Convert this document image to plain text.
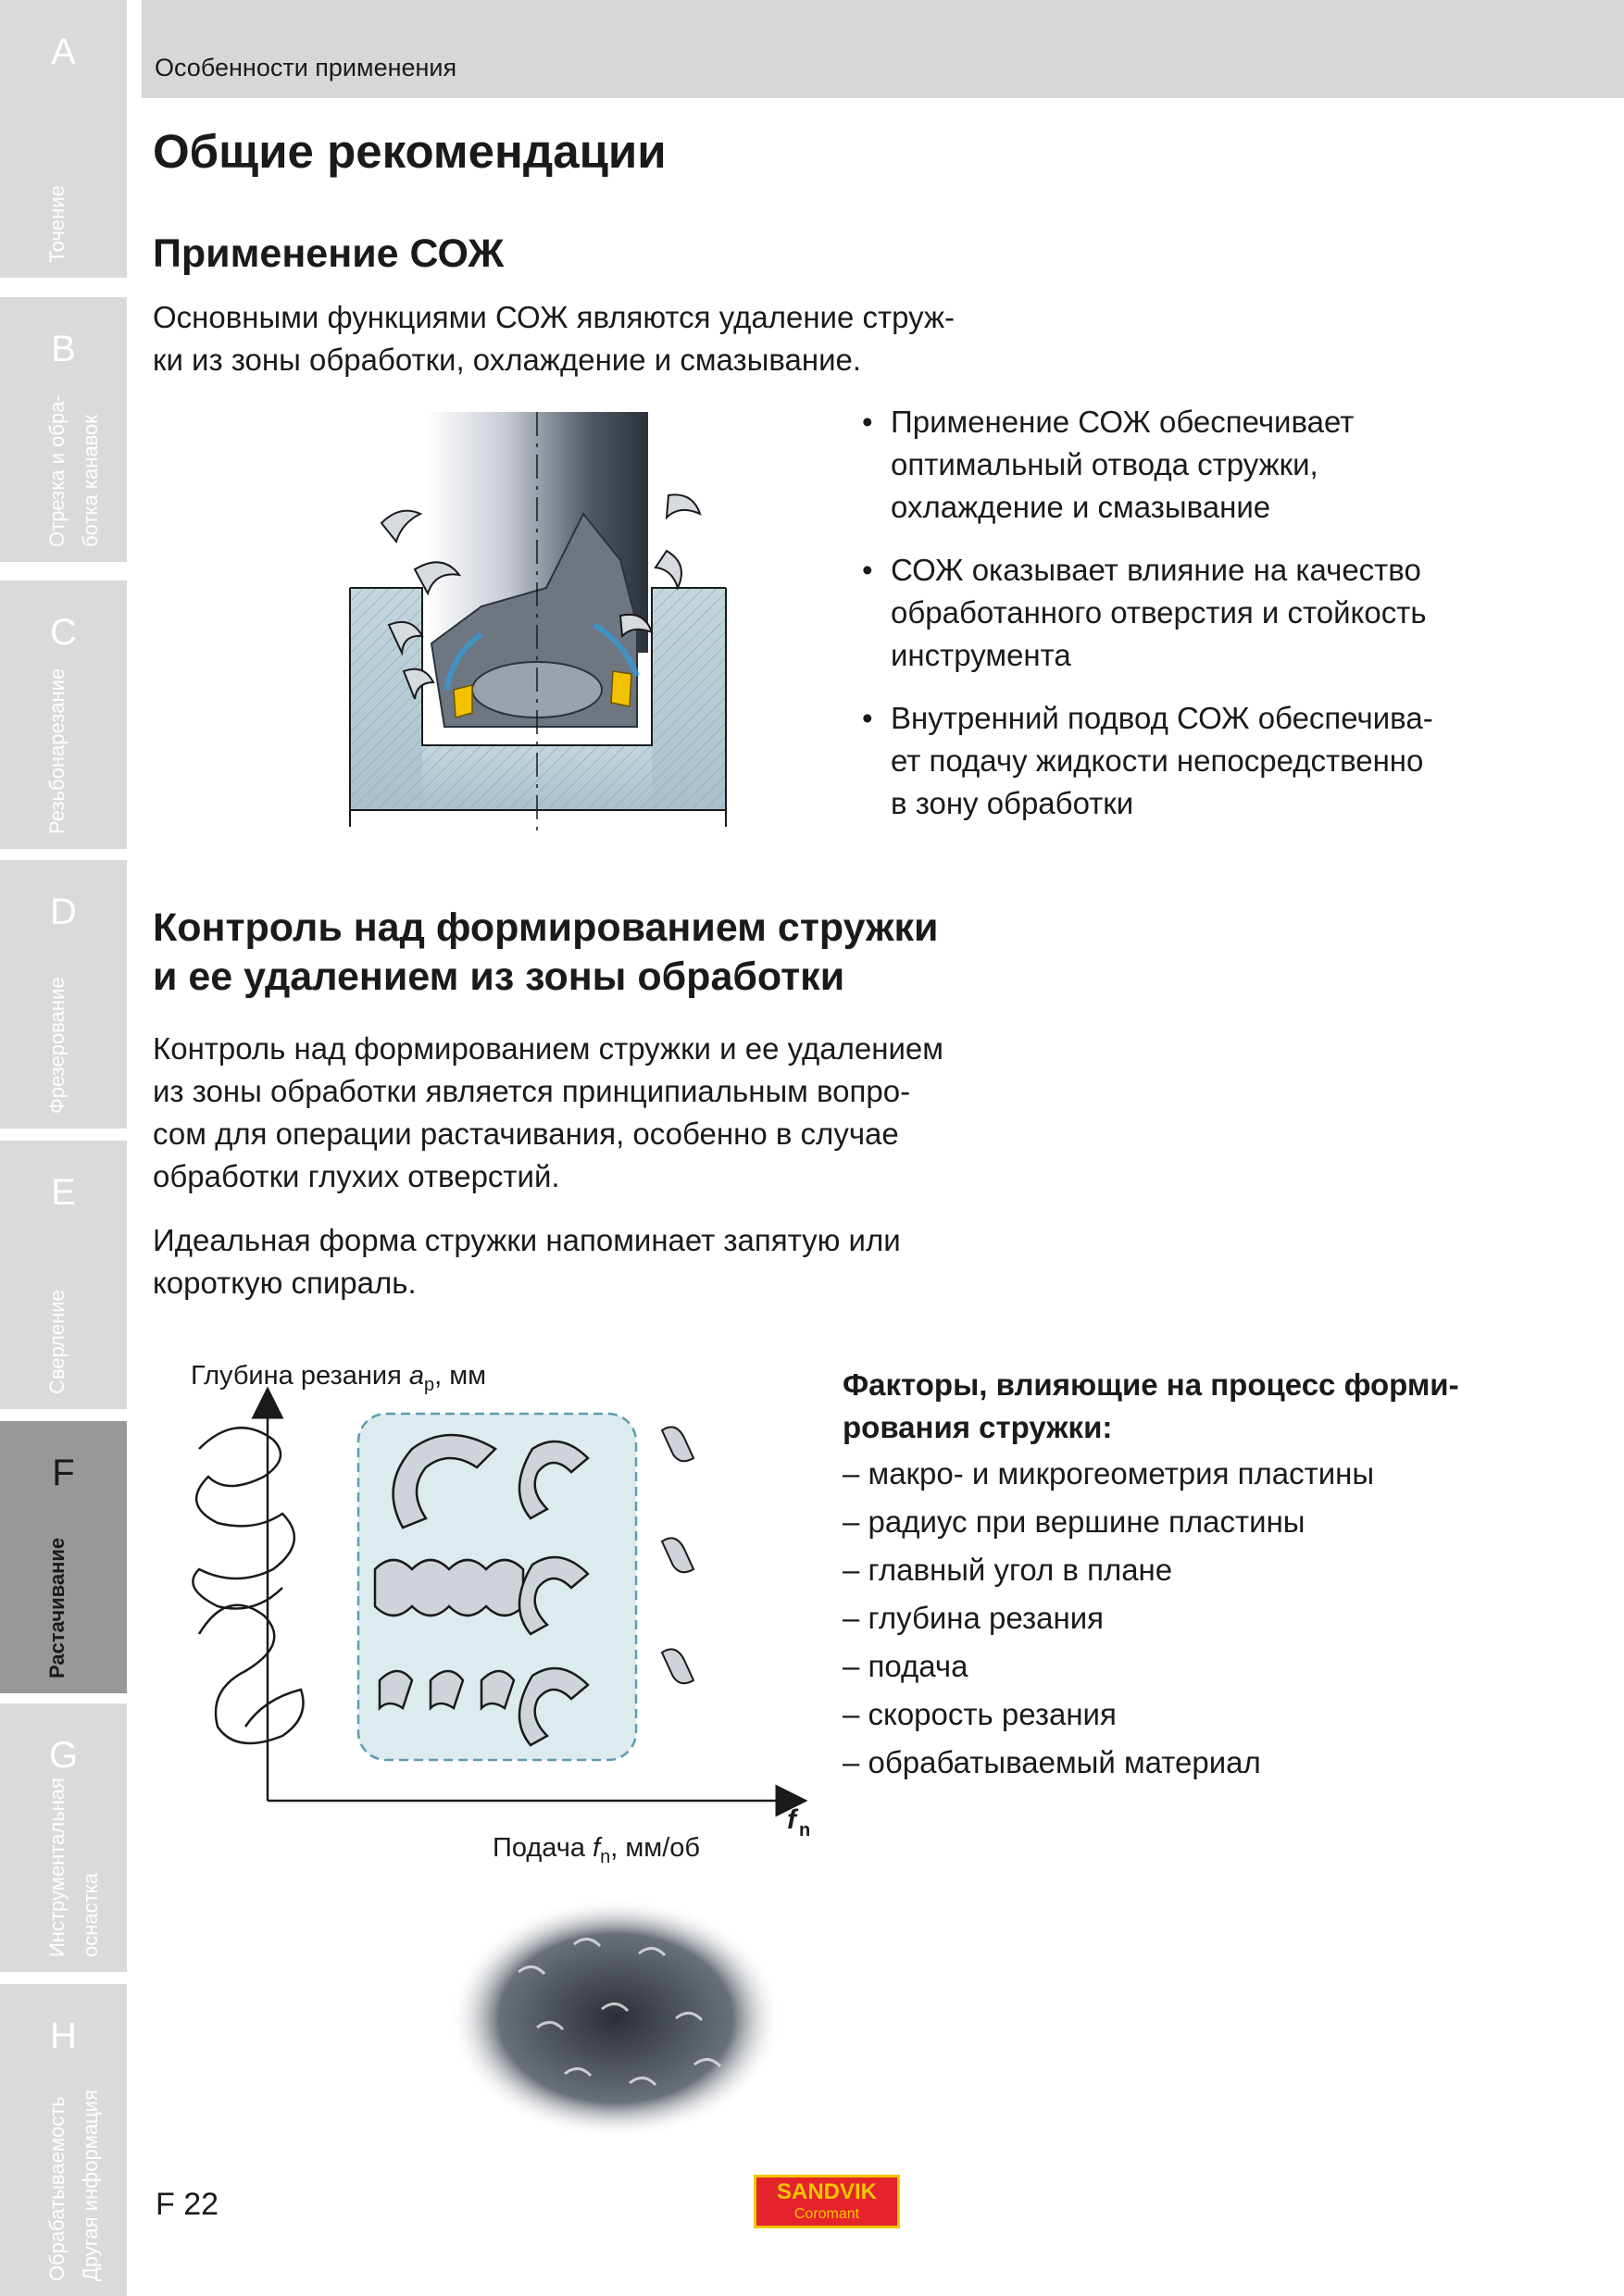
A
Точение
B
Отрезка и обра- ботка канавок
C
Резьбонарезание
D
Фрезерование
E
Сверление
F
Растачивание
G
Инструментальная оснастка
H
Обрабатываемость Другая информация
Особенности применения
Общие рекомендации
Применение СОЖ
Основными функциями СОЖ являются удаление струж-
ки из зоны обработки, охлаждение и смазывание.
• Применение СОЖ обеспечивает
оптимальный отвода стружки,
охлаждение и смазывание
• СОЖ оказывает влияние на качество
обработанного отверстия и стойкость
инструмента
• Внутренний подвод СОЖ обеспечива-
ет подачу жидкости непосредственно
в зону обработки
Контроль над формированием стружки
и ее удалением из зоны обработки
Контроль над формированием стружки и ее удалением
из зоны обработки является принципиальным вопро-
сом для операции растачивания, особенно в случае
обработки глухих отверстий.
Идеальная форма стружки напоминает запятую или
короткую спираль.
Глубина резания $a_p$, мм
f n
Подача $f_n$, мм/об
Факторы, влияющие на процесс форми-
рования стружки:
– макро- и микрогеометрия пластины
– радиус при вершине пластины
– главный угол в плане
– глубина резания
– подача
– скорость резания
– обрабатываемый материал
F 22	SANDVIK
Coromant
